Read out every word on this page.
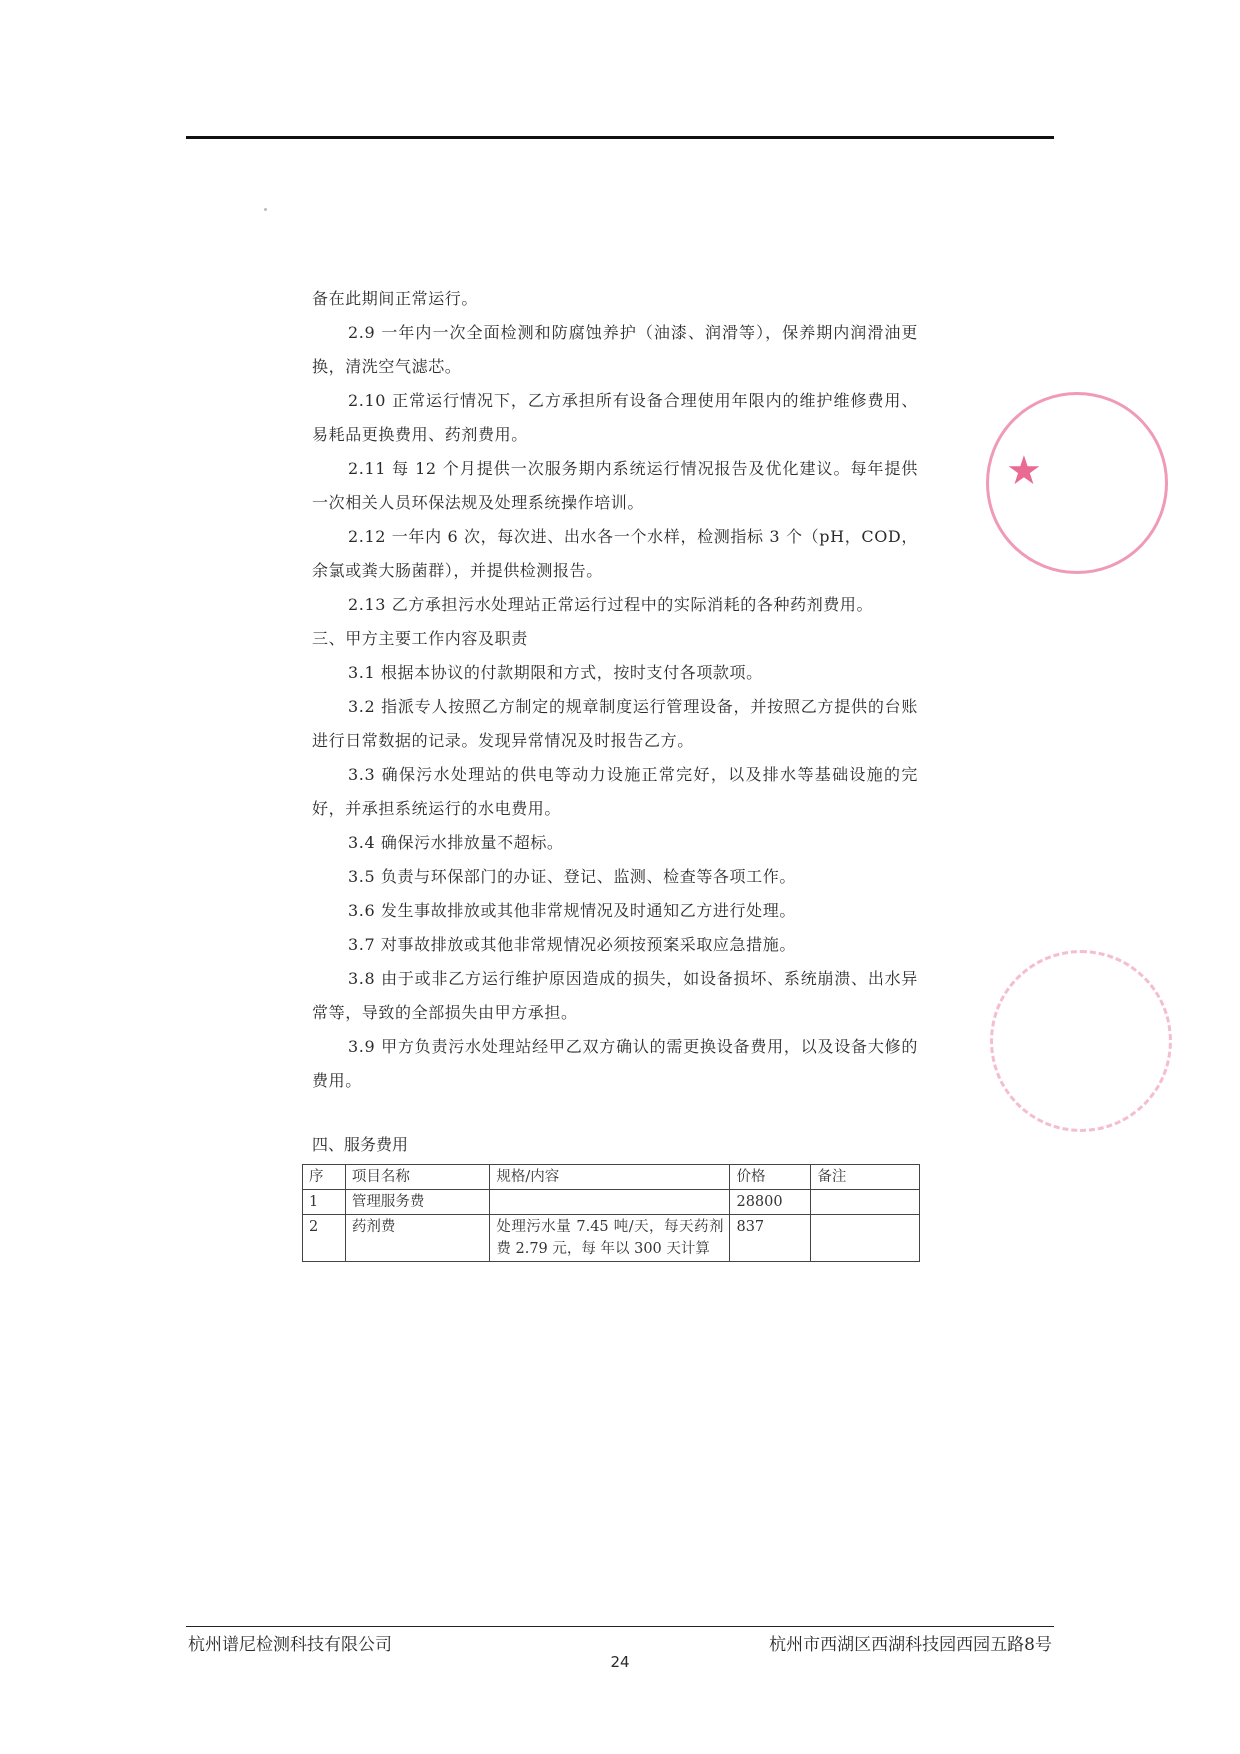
备在此期间正常运行。

2.9 一年内一次全面检测和防腐蚀养护（油漆、润滑等），保养期内润滑油更换，清洗空气滤芯。

2.10 正常运行情况下，乙方承担所有设备合理使用年限内的维护维修费用、易耗品更换费用、药剂费用。

2.11 每 12 个月提供一次服务期内系统运行情况报告及优化建议。每年提供一次相关人员环保法规及处理系统操作培训。

2.12 一年内 6 次，每次进、出水各一个水样，检测指标 3 个（pH，COD，余氯或粪大肠菌群），并提供检测报告。

2.13 乙方承担污水处理站正常运行过程中的实际消耗的各种药剂费用。

三、甲方主要工作内容及职责

3.1 根据本协议的付款期限和方式，按时支付各项款项。

3.2 指派专人按照乙方制定的规章制度运行管理设备，并按照乙方提供的台账进行日常数据的记录。发现异常情况及时报告乙方。

3.3 确保污水处理站的供电等动力设施正常完好，以及排水等基础设施的完好，并承担系统运行的水电费用。

3.4 确保污水排放量不超标。

3.5 负责与环保部门的办证、登记、监测、检查等各项工作。

3.6 发生事故排放或其他非常规情况及时通知乙方进行处理。

3.7 对事故排放或其他非常规情况必须按预案采取应急措施。

3.8 由于或非乙方运行维护原因造成的损失，如设备损坏、系统崩溃、出水异常等，导致的全部损失由甲方承担。

3.9 甲方负责污水处理站经甲乙双方确认的需更换设备费用，以及设备大修的费用。

四、服务费用
序	项目名称	规格/内容	价格	备注
1	管理服务费		28800	
2	药剂费	处理污水量 7.45 吨/天，每天药剂费 2.79 元，每 年以 300 天计算	837	
★
杭州谱尼检测科技有限公司	杭州市西湖区西湖科技园西园五路8号
24
